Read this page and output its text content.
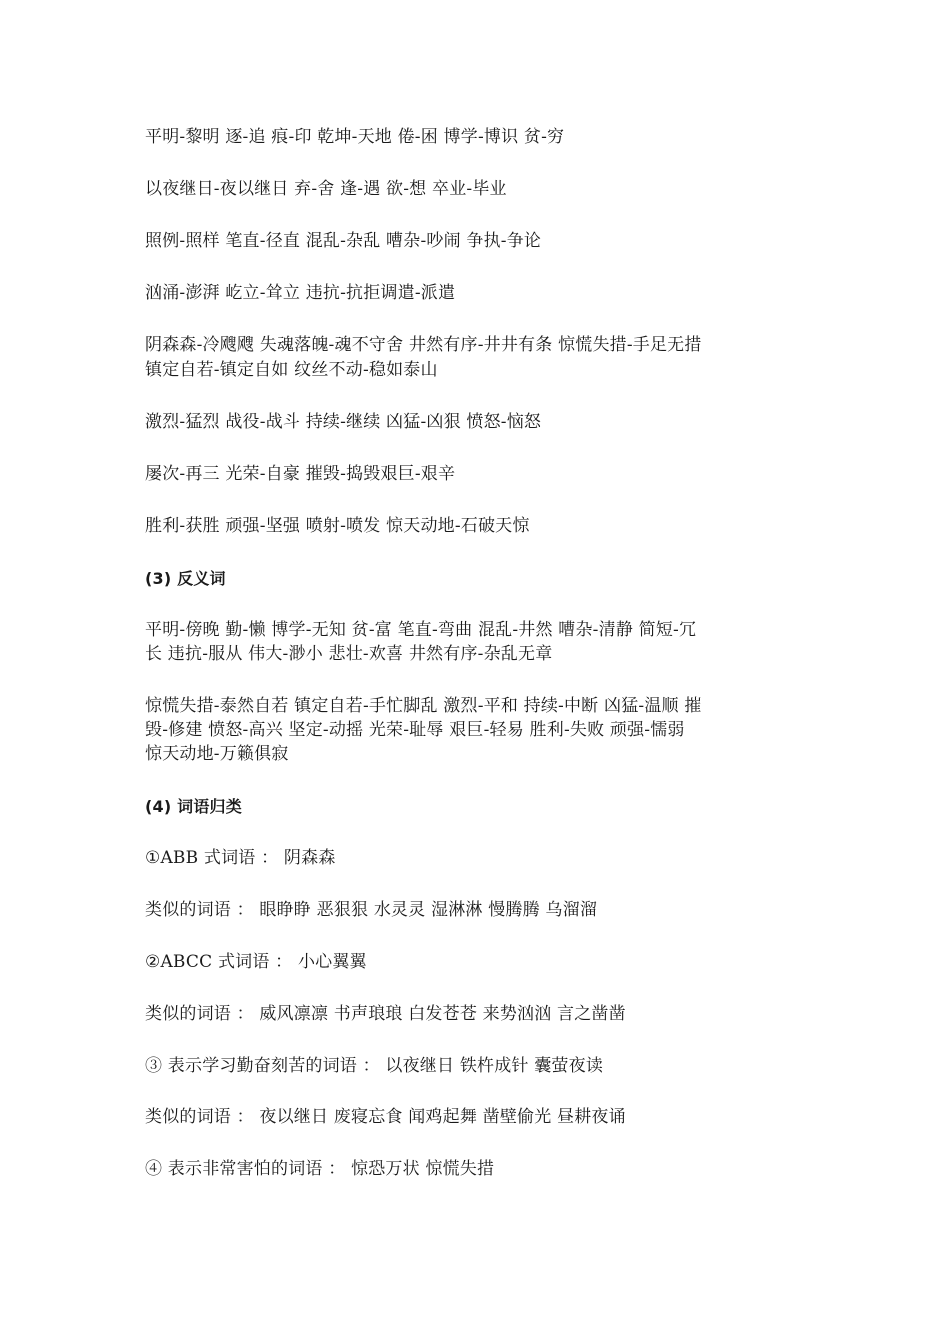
平明-黎明 逐-追 痕-印 乾坤-天地 倦-困 博学-博识 贫-穷
以夜继日-夜以继日 弃-舍 逢-遇 欲-想 卒业-毕业
照例-照样 笔直-径直 混乱-杂乱 嘈杂-吵闹 争执-争论
汹涌-澎湃 屹立-耸立 违抗-抗拒调遣-派遣
阴森森-冷飕飕 失魂落魄-魂不守舍 井然有序-井井有条 惊慌失措-手足无措
镇定自若-镇定自如 纹丝不动-稳如泰山
激烈-猛烈 战役-战斗 持续-继续 凶猛-凶狠 愤怒-恼怒
屡次-再三 光荣-自豪 摧毁-捣毁艰巨-艰辛
胜利-获胜 顽强-坚强 喷射-喷发 惊天动地-石破天惊
(3) 反义词
平明-傍晚 勤-懒 博学-无知 贫-富 笔直-弯曲 混乱-井然 嘈杂-清静 简短-冗
长 违抗-服从 伟大-渺小 悲壮-欢喜 井然有序-杂乱无章
惊慌失措-泰然自若 镇定自若-手忙脚乱 激烈-平和 持续-中断 凶猛-温顺 摧
毁-修建 愤怒-高兴 坚定-动摇 光荣-耻辱 艰巨-轻易 胜利-失败 顽强-懦弱
惊天动地-万籁俱寂
(4) 词语归类
①ABB 式词语 ： 阴森森
类似的词语 ： 眼睁睁 恶狠狠 水灵灵 湿淋淋 慢腾腾 乌溜溜
②ABCC 式词语 ： 小心翼翼
类似的词语 ： 威风凛凛 书声琅琅 白发苍苍 来势汹汹 言之凿凿
③ 表示学习勤奋刻苦的词语 ： 以夜继日 铁杵成针 囊萤夜读
类似的词语 ： 夜以继日 废寝忘食 闻鸡起舞 凿壁偷光 昼耕夜诵
④ 表示非常害怕的词语 ： 惊恐万状 惊慌失措
